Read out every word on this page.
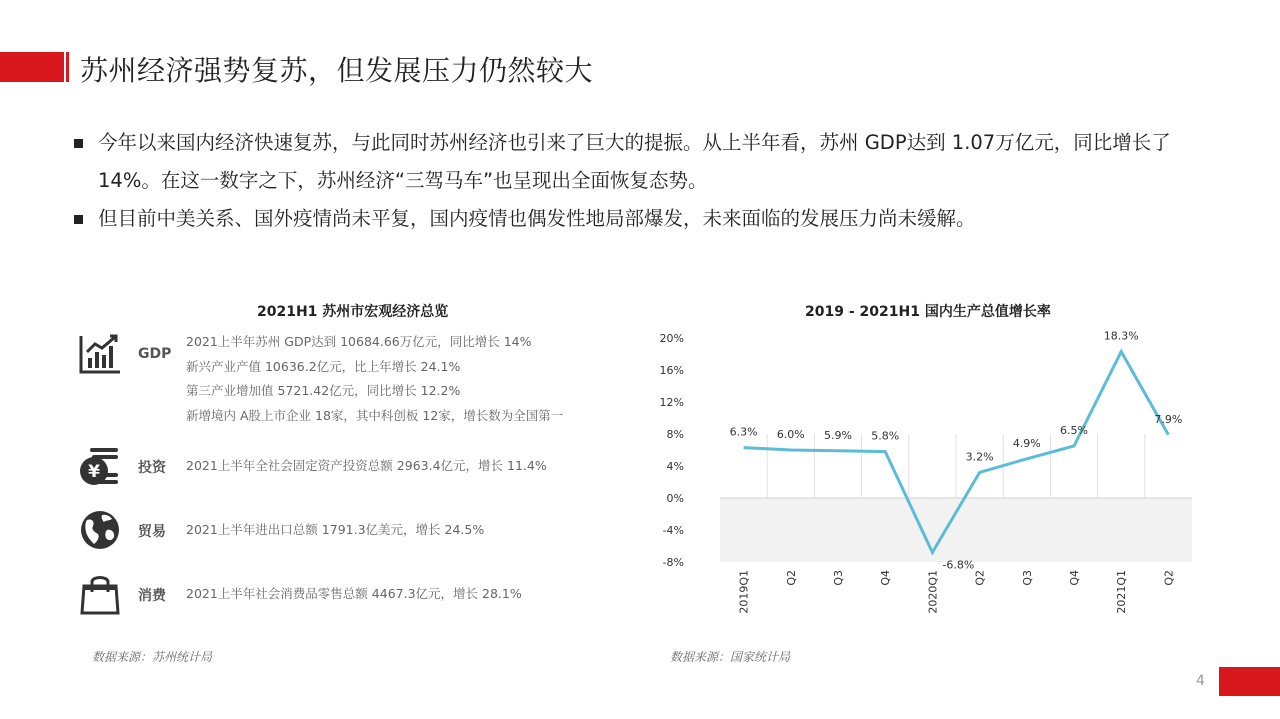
苏州经济强势复苏，但发展压力仍然较大
今年以来国内经济快速复苏，与此同时苏州经济也引来了巨大的提振。从上半年看，苏州 GDP达到 1.07万亿元，同比增长了 14%。在这一数字之下，苏州经济“三驾马车”也呈现出全面恢复态势。
但目前中美关系、国外疫情尚未平复，国内疫情也偶发性地局部爆发，未来面临的发展压力尚未缓解。
2021H1 苏州市宏观经济总览
GDP
2021上半年苏州 GDP达到 10684.66万亿元，同比增长 14%
新兴产业产值 10636.2亿元，比上年增长 24.1%
第三产业增加值 5721.42亿元，同比增长 12.2%
新增境内 A股上市企业 18家，其中科创板 12家，增长数为全国第一
¥	投资 2021上半年全社会固定资产投资总额 2963.4亿元，增长 11.4%
贸易 2021上半年进出口总额 1791.3亿美元，增长 24.5%
消费 2021上半年社会消费品零售总额 4467.3亿元，增长 28.1%
数据来源：苏州统计局
2019 - 2021H1 国内生产总值增长率
-8%
-4%
0%
4%
8%
12%
16%
20%
2019Q1	Q2	Q3	Q4	2020Q1	Q2	Q3	Q4	2021Q1	Q2
6.3% 6.0% 5.9% 5.8%
-6.8%
3.2%
4.9%
6.5%
18.3%
7.9%
数据来源：国家统计局
4
